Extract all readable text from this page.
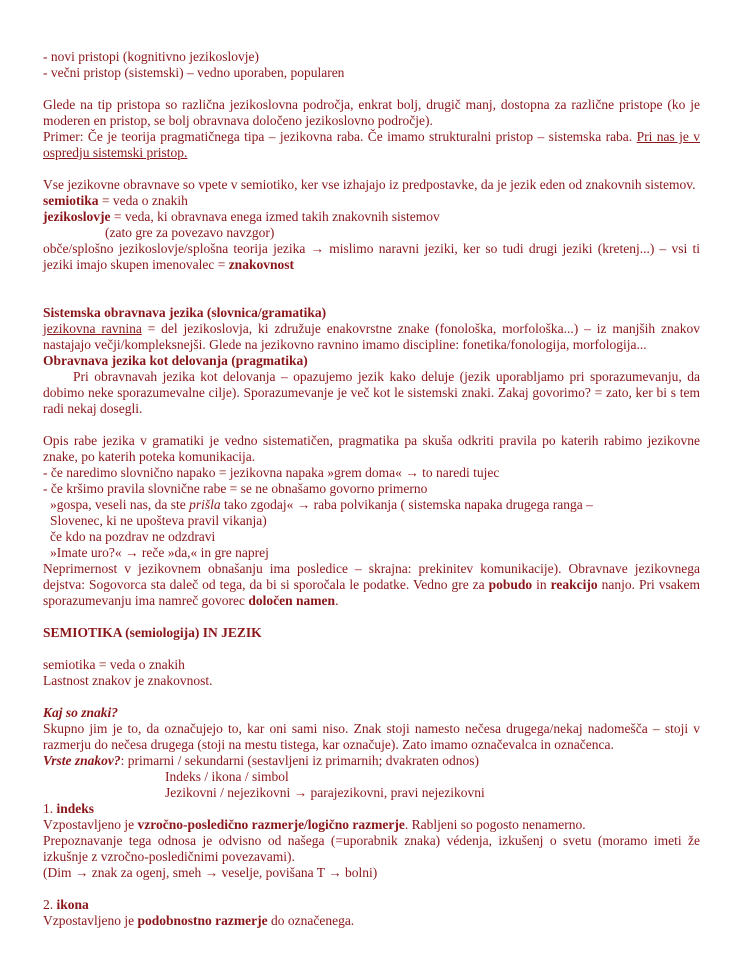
- novi pristopi (kognitivno jezikoslovje)

- večni pristop (sistemski) – vedno uporaben, popularen

Glede na tip pristopa so različna jezikoslovna področja, enkrat bolj, drugič manj, dostopna za različne pristope (ko je moderen en pristop, se bolj obravnava določeno jezikoslovno področje).

Primer: Če je teorija pragmatičnega tipa – jezikovna raba. Če imamo strukturalni pristop – sistemska raba. Pri nas je v ospredju sistemski pristop.

Vse jezikovne obravnave so vpete v semiotiko, ker vse izhajajo iz predpostavke, da je jezik eden od znakovnih sistemov.

semiotika = veda o znakih

jezikoslovje = veda, ki obravnava enega izmed takih znakovnih sistemov

(zato gre za povezavo navzgor)

obče/splošno jezikoslovje/splošna teorija jezika → mislimo naravni jeziki, ker so tudi drugi jeziki (kretenj...) – vsi ti jeziki imajo skupen imenovalec = znakovnost

Sistemska obravnava jezika (slovnica/gramatika)

jezikovna ravnina = del jezikoslovja, ki združuje enakovrstne znake (fonološka, morfološka...) – iz manjših znakov nastajajo večji/kompleksnejši. Glede na jezikovno ravnino imamo discipline: fonetika/fonologija, morfologija...

Obravnava jezika kot delovanja (pragmatika)

Pri obravnavah jezika kot delovanja – opazujemo jezik kako deluje (jezik uporabljamo pri sporazumevanju, da dobimo neke sporazumevalne cilje). Sporazumevanje je več kot le sistemski znaki. Zakaj govorimo? = zato, ker bi s tem radi nekaj dosegli.

Opis rabe jezika v gramatiki je vedno sistematičen, pragmatika pa skuša odkriti pravila po katerih rabimo jezikovne znake, po katerih poteka komunikacija.

- če naredimo slovnično napako = jezikovna napaka »grem doma« → to naredi tujec

- če kršimo pravila slovnične rabe = se ne obnašamo govorno primerno

»gospa, veseli nas, da ste prišla tako zgodaj« → raba polvikanja ( sistemska napaka drugega ranga –

Slovenec, ki ne upošteva pravil vikanja)

če kdo na pozdrav ne odzdravi

»Imate uro?« → reče »da,« in gre naprej

Neprimernost v jezikovnem obnašanju ima posledice – skrajna: prekinitev komunikacije). Obravnave jezikovnega dejstva: Sogovorca sta daleč od tega, da bi si sporočala le podatke. Vedno gre za pobudo in reakcijo nanjo. Pri vsakem sporazumevanju ima namreč govorec določen namen.

SEMIOTIKA (semiologija) IN JEZIK

semiotika = veda o znakih

Lastnost znakov je znakovnost.

Kaj so znaki?

Skupno jim je to, da označujejo to, kar oni sami niso. Znak stoji namesto nečesa drugega/nekaj nadomešča – stoji v razmerju do nečesa drugega (stoji na mestu tistega, kar označuje). Zato imamo označevalca in označenca.

Vrste znakov?: primarni / sekundarni (sestavljeni iz primarnih; dvakraten odnos)

Indeks / ikona / simbol

Jezikovni / nejezikovni → parajezikovni, pravi nejezikovni

1. indeks

Vzpostavljeno je vzročno-posledično razmerje/logično razmerje. Rabljeni so pogosto nenamerno.

Prepoznavanje tega odnosa je odvisno od našega (=uporabnik znaka) védenja, izkušenj o svetu (moramo imeti že izkušnje z vzročno-posledičnimi povezavami).

(Dim → znak za ogenj, smeh → veselje, povišana T → bolni)

2. ikona

Vzpostavljeno je podobnostno razmerje do označenega.
